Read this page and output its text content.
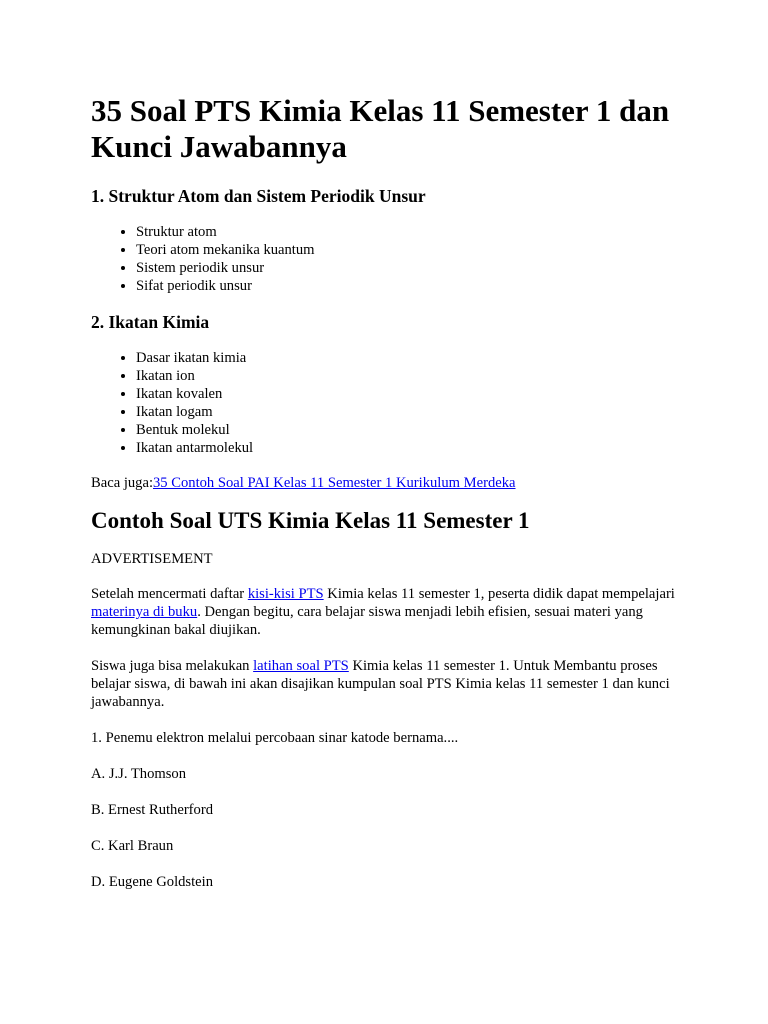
35 Soal PTS Kimia Kelas 11 Semester 1 dan Kunci Jawabannya
1. Struktur Atom dan Sistem Periodik Unsur
• Struktur atom
• Teori atom mekanika kuantum
• Sistem periodik unsur
• Sifat periodik unsur
2. Ikatan Kimia
• Dasar ikatan kimia
• Ikatan ion
• Ikatan kovalen
• Ikatan logam
• Bentuk molekul
• Ikatan antarmolekul

Baca juga:35 Contoh Soal PAI Kelas 11 Semester 1 Kurikulum Merdeka

Contoh Soal UTS Kimia Kelas 11 Semester 1

ADVERTISEMENT

Setelah mencermati daftar kisi-kisi PTS Kimia kelas 11 semester 1, peserta didik dapat mempelajari materinya di buku. Dengan begitu, cara belajar siswa menjadi lebih efisien, sesuai materi yang kemungkinan bakal diujikan.

Siswa juga bisa melakukan latihan soal PTS Kimia kelas 11 semester 1. Untuk Membantu proses belajar siswa, di bawah ini akan disajikan kumpulan soal PTS Kimia kelas 11 semester 1 dan kunci jawabannya.

1. Penemu elektron melalui percobaan sinar katode bernama....

A. J.J. Thomson

B. Ernest Rutherford

C. Karl Braun

D. Eugene Goldstein
